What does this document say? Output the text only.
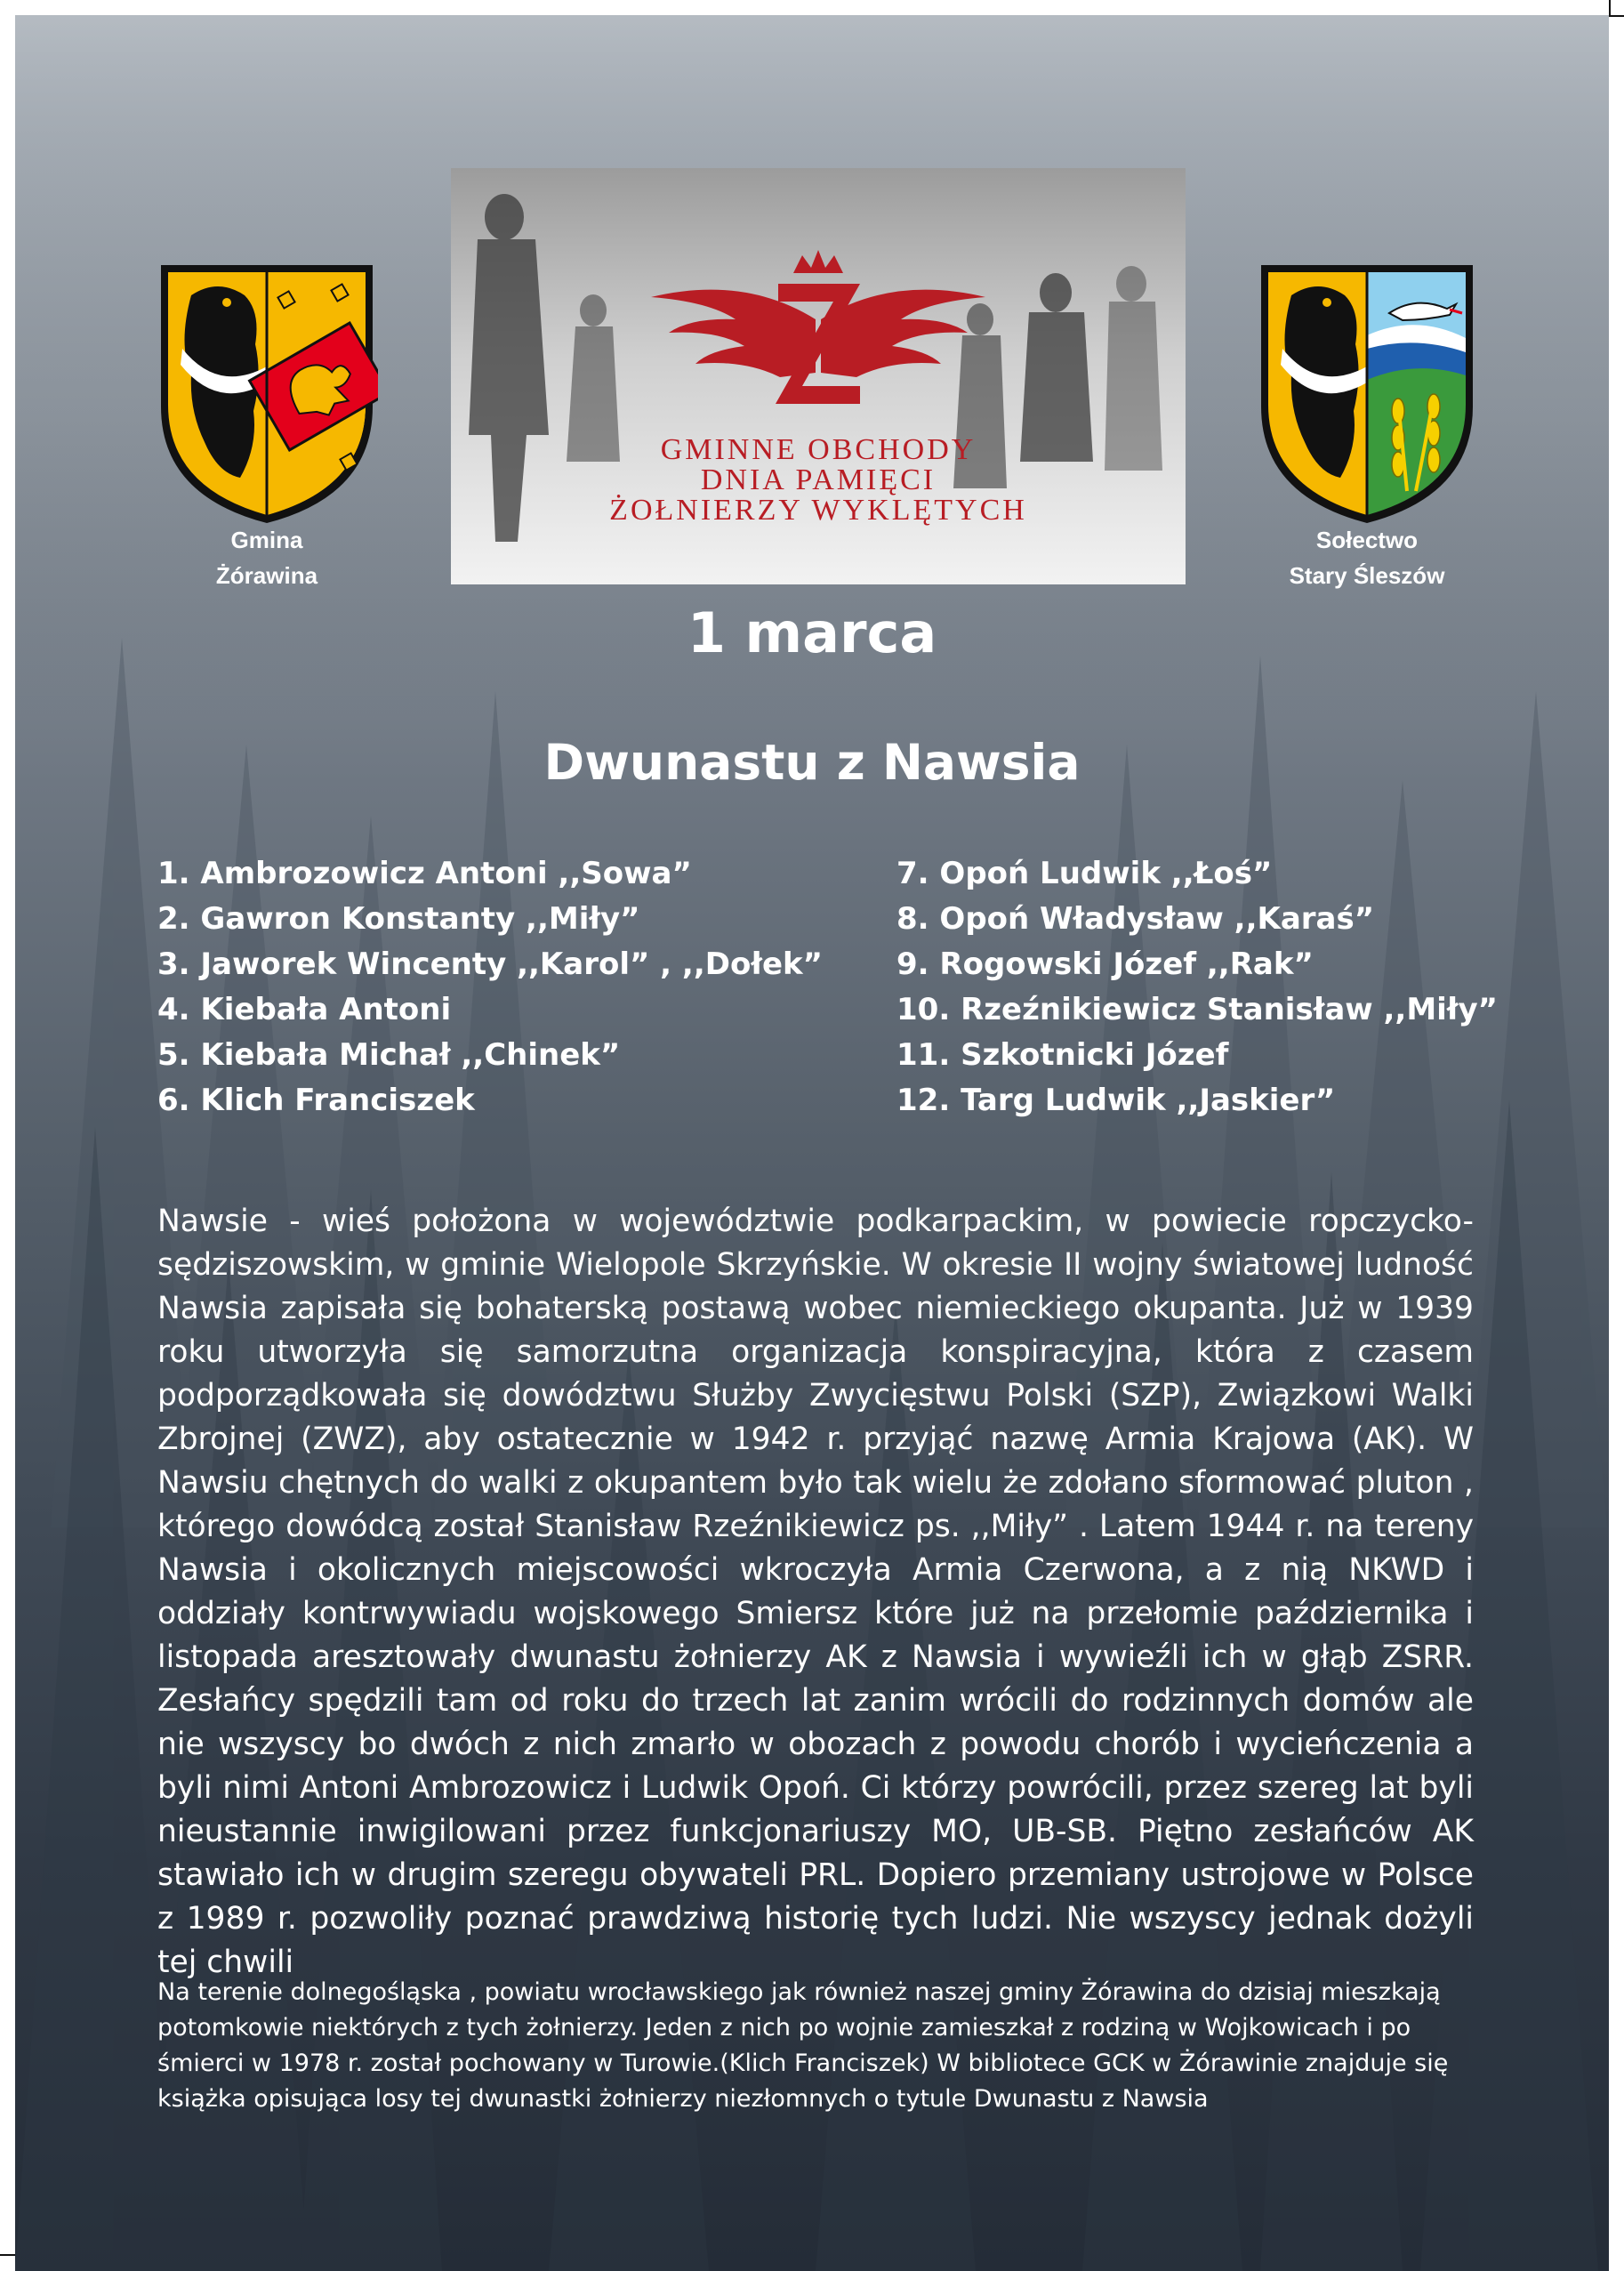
Gmina
Żórawina
GMINNE OBCHODY
DNIA PAMIĘCI
ŻOŁNIERZY WYKLĘTYCH
Sołectwo
Stary Śleszów
1 marca
Dwunastu z Nawsia
1. Ambrozowicz Antoni ,,Sowa”
2. Gawron Konstanty ,,Miły”
3. Jaworek Wincenty ,,Karol” , ,,Dołek”
4. Kiebała Antoni
5. Kiebała Michał ,,Chinek”
6. Klich Franciszek
7. Opoń Ludwik ,,Łoś”
8. Opoń Władysław ,,Karaś”
9. Rogowski Józef ,,Rak”
10. Rzeźnikiewicz Stanisław ,,Miły”
11. Szkotnicki Józef
12. Targ Ludwik ,,Jaskier”

Nawsie - wieś położona w województwie podkarpackim, w powiecie ropczycko-sędziszowskim, w gminie Wielopole Skrzyńskie. W okresie II wojny światowej ludność Nawsia zapisała się bohaterską postawą wobec niemieckiego okupanta. Już w 1939 roku utworzyła się samorzutna organizacja konspiracyjna, która z czasem podporządkowała się dowództwu Służby Zwycięstwu Polski (SZP), Związkowi Walki Zbrojnej (ZWZ), aby ostatecznie w 1942 r. przyjąć nazwę Armia Krajowa (AK). W Nawsiu chętnych do walki z okupantem było tak wielu że zdołano sformować pluton , którego dowódcą został Stanisław Rzeźnikiewicz ps. ,,Miły” . Latem 1944 r. na tereny Nawsia i okolicznych miejscowości wkroczyła Armia Czerwona, a z nią NKWD i oddziały kontrwywiadu wojskowego Smiersz które już na przełomie października i listopada aresztowały dwunastu żołnierzy AK z Nawsia i wywieźli ich w głąb ZSRR. Zesłańcy spędzili tam od roku do trzech lat zanim wrócili do rodzinnych domów ale nie wszyscy bo dwóch z nich zmarło w obozach z powodu chorób i wycieńczenia a byli nimi Antoni Ambrozowicz i Ludwik Opoń. Ci którzy powrócili, przez szereg lat byli nieustannie inwigilowani przez funkcjonariuszy MO, UB-SB. Piętno zesłańców AK stawiało ich w drugim szeregu obywateli PRL. Dopiero przemiany ustrojowe w Polsce z 1989 r. pozwoliły poznać prawdziwą historię tych ludzi. Nie wszyscy jednak dożyli tej chwili

Na terenie dolnegośląska , powiatu wrocławskiego jak również naszej gminy Żórawina do dzisiaj mieszkają potomkowie niektórych z tych żołnierzy. Jeden z nich po wojnie zamieszkał z rodziną w Wojkowicach i po śmierci w 1978 r. został pochowany w Turowie.(Klich Franciszek) W bibliotece GCK w Żórawinie znajduje się książka opisująca losy tej dwunastki żołnierzy niezłomnych o tytule Dwunastu z Nawsia
